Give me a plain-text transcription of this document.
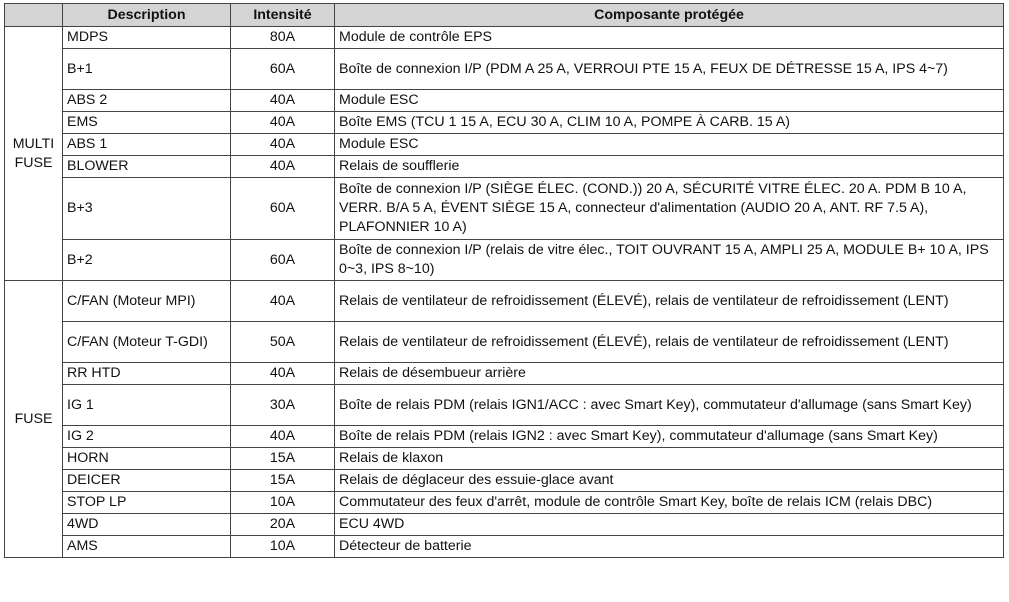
	Description	Intensité	Composante protégée
MULTI FUSE	MDPS	80A	Module de contrôle EPS
	B+1	60A	Boîte de connexion I/P (PDM A 25 A, VERROUI PTE 15 A, FEUX DE DÉTRESSE 15 A, IPS 4~7)
	ABS 2	40A	Module ESC
	EMS	40A	Boîte EMS (TCU 1 15 A, ECU 30 A, CLIM 10 A, POMPE À CARB. 15 A)
	ABS 1	40A	Module ESC
	BLOWER	40A	Relais de soufflerie
	B+3	60A	Boîte de connexion I/P (SIÈGE ÉLEC. (COND.)) 20 A, SÉCURITÉ VITRE ÉLEC. 20 A. PDM B 10 A, VERR. B/A 5 A, ÉVENT SIÈGE 15 A, connecteur d'alimentation (AUDIO 20 A, ANT. RF 7.5 A), PLAFONNIER 10 A)
	B+2	60A	Boîte de connexion I/P (relais de vitre élec., TOIT OUVRANT 15 A, AMPLI 25 A, MODULE B+ 10 A, IPS 0~3, IPS 8~10)
FUSE	C/FAN (Moteur MPI)	40A	Relais de ventilateur de refroidissement (ÉLEVÉ), relais de ventilateur de refroidissement (LENT)
	C/FAN (Moteur T-GDI)	50A	Relais de ventilateur de refroidissement (ÉLEVÉ), relais de ventilateur de refroidissement (LENT)
	RR HTD	40A	Relais de désembueur arrière
	IG 1	30A	Boîte de relais PDM (relais IGN1/ACC : avec Smart Key), commutateur d'allumage (sans Smart Key)
	IG 2	40A	Boîte de relais PDM (relais IGN2 : avec Smart Key), commutateur d'allumage (sans Smart Key)
	HORN	15A	Relais de klaxon
	DEICER	15A	Relais de déglaceur des essuie-glace avant
	STOP LP	10A	Commutateur des feux d'arrêt, module de contrôle Smart Key, boîte de relais ICM (relais DBC)
	4WD	20A	ECU 4WD
	AMS	10A	Détecteur de batterie
